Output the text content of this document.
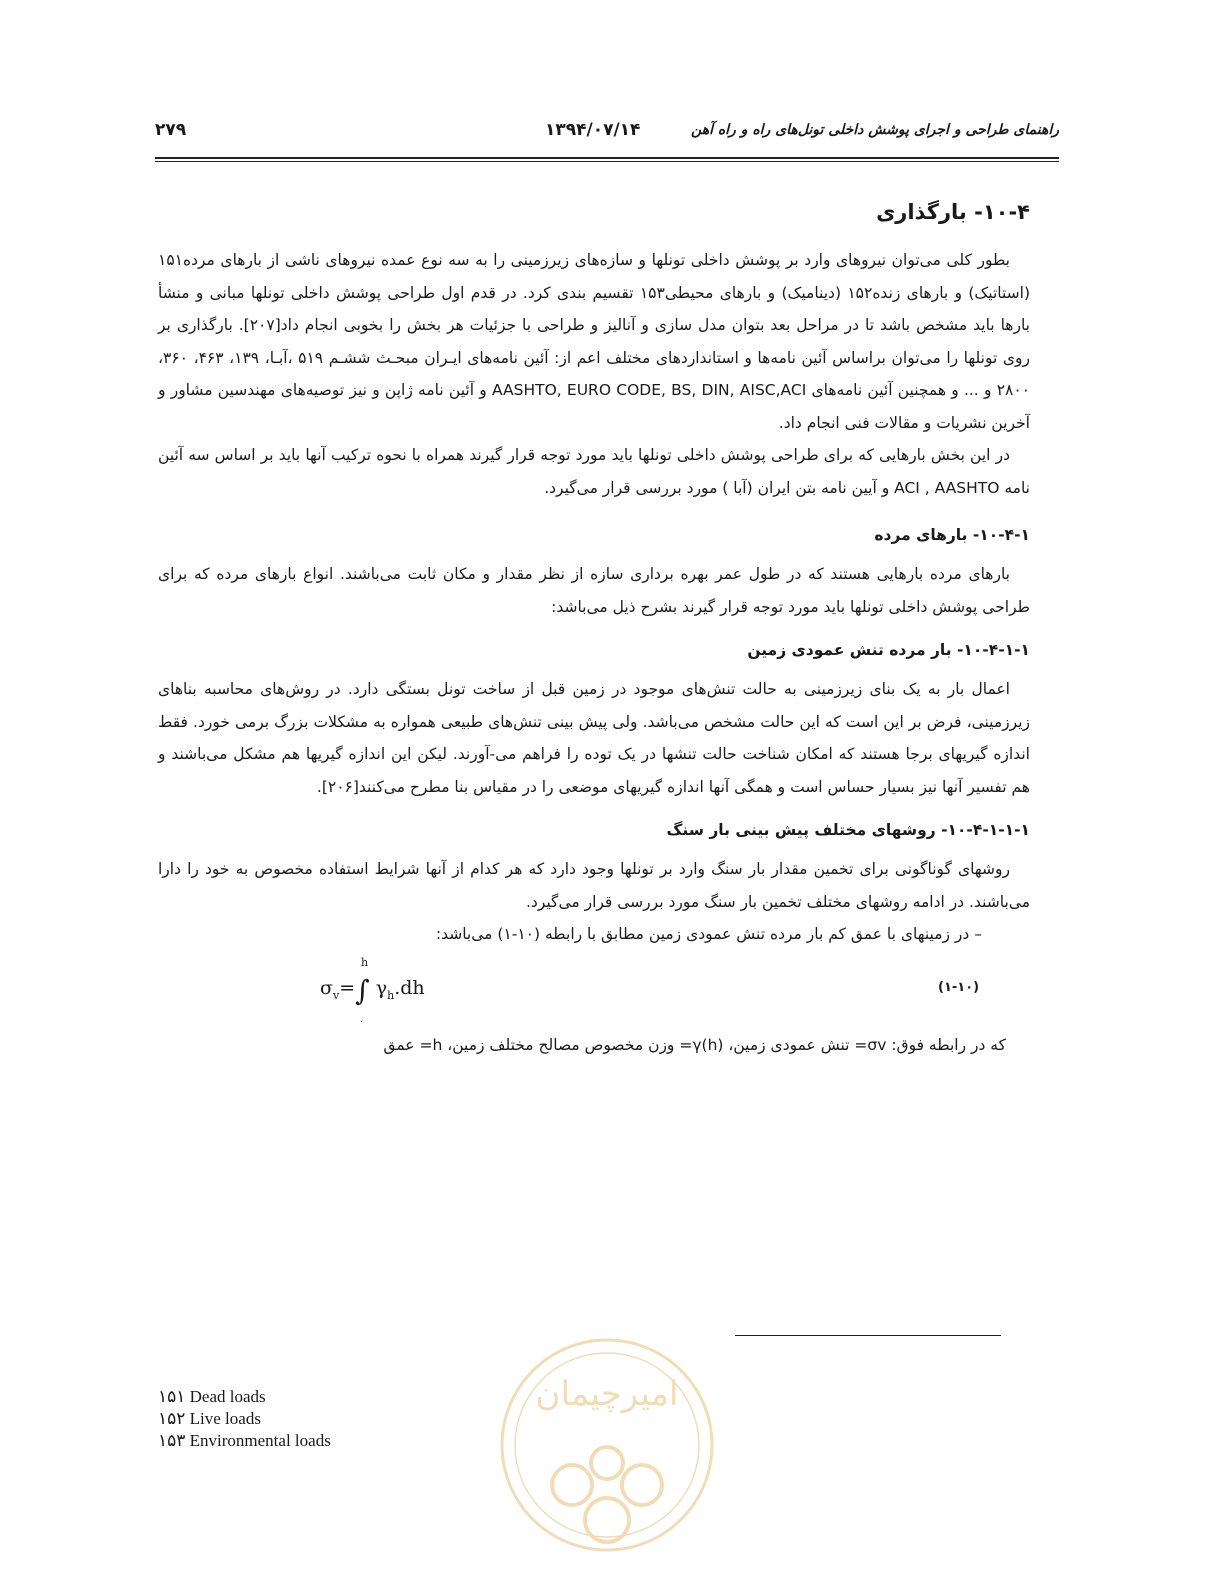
راهنمای طراحی و اجرای پوشش داخلی تونل‌های راه و راه آهن
۱۳۹۴/۰۷/۱۴
۲۷۹
۱۰-۴- بارگذاری

بطور کلی می‌توان نیروهای وارد بر پوشش داخلی تونلها و سازه‌های زیرزمینی را به سه نوع عمده نیروهای ناشی از بارهای مرده۱۵۱ (استاتیک) و بارهای زنده۱۵۲ (دینامیک) و بارهای محیطی۱۵۳ تقسیم بندی کرد. در قدم اول طراحی پوشش داخلی تونلها مبانی و منشأ بارها باید مشخص باشد تا در مراحل بعد بتوان مدل سازی و آنالیز و طراحی با جزئیات هر بخش را بخوبی انجام داد[۲۰۷]. بارگذاری بر روی تونلها را می‌توان براساس آئین نامه‌ها و استانداردهای مختلف اعم از: آئین نامه‌های ایـران مبحـث ششـم ۵۱۹ ،آبـا، ۱۳۹، ۴۶۳، ۳۶۰، ۲۸۰۰ و ... و همچنین آئین نامه‌های AASHTO, EURO CODE, BS, DIN, AISC,ACI و آئین نامه ژاپن و نیز توصیه‌های مهندسین مشاور و آخرین نشریات و مقالات فنی انجام داد.

در این بخش بارهایی که برای طراحی پوشش داخلی تونلها باید مورد توجه قرار گیرند همراه با نحوه ترکیب آنها باید بر اساس سه آئین نامه ACI , AASHTO و آیین نامه بتن ایران (آبا ) مورد بررسی قرار می‌گیرد.

۱۰-۴-۱- بارهای مرده

بارهای مرده بارهایی هستند که در طول عمر بهره برداری سازه از نظر مقدار و مکان ثابت می‌باشند. انواع بارهای مرده که برای طراحی پوشش داخلی تونلها باید مورد توجه قرار گیرند بشرح ذیل می‌باشد:

۱۰-۴-۱-۱- بار مرده تنش عمودی زمین

اعمال بار به یک بنای زیرزمینی به حالت تنش‌های موجود در زمین قبل از ساخت تونل بستگی دارد. در روش‌های محاسبه بناهای زیرزمینی، فرض بر این است که این حالت مشخص می‌باشد. ولی پیش بینی تنش‌های طبیعی همواره به مشکلات بزرگ برمی خورد. فقط اندازه گیریهای برجا هستند که امکان شناخت حالت تنشها در یک توده را فراهم می-آورند. لیکن این اندازه گیریها هم مشکل می‌باشند و هم تفسیر آنها نیز بسیار حساس است و همگی آنها اندازه گیریهای موضعی را در مقیاس بنا مطرح می‌کنند[۲۰۶].

۱۰-۴-۱-۱-۱- روشهای مختلف پیش بینی بار سنگ

روشهای گوناگونی برای تخمین مقدار بار سنگ وارد بر تونلها وجود دارد که هر کدام از آنها شرایط استفاده مخصوص به خود را دارا می‌باشند. در ادامه روشهای مختلف تخمین بار سنگ مورد بررسی قرار می‌گیرد.

– در زمینهای با عمق کم بار مرده تنش عمودی زمین مطابق با رابطه (۱۰-۱) می‌باشد:

$\sigma_v=\int$ $\gamma_h.dh$
h
.
(۱-۱۰)

که در رابطه فوق: σv= تنش عمودی زمین، γ(h)= وزن مخصوص مصالح مختلف زمین، h= عمق

۱۵۱ Dead loads
۱۵۲ Live loads
۱۵۳ Environmental loads
امیرچیمان
